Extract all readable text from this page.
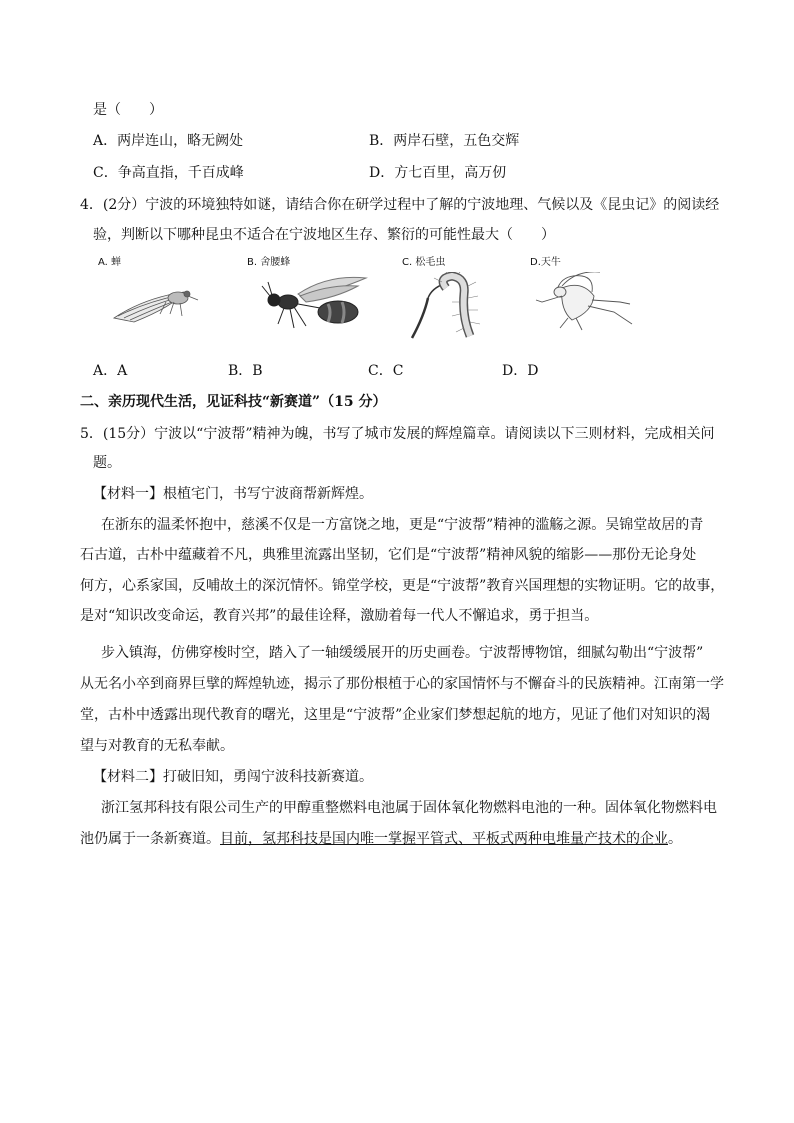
是（　　）
A．两岸连山，略无阙处	B．两岸石壁，五色交辉
C．争高直指，千百成峰	D．方七百里，高万仞
4．(2分）宁波的环境独特如谜，请结合你在研学过程中了解的宁波地理、气候以及《昆虫记》的阅读经
验，判断以下哪种昆虫不适合在宁波地区生存、繁衍的可能性最大（　　）
A. 蝉	B. 舍腰蜂	C. 松毛虫	D.天牛
A．A	B．B	C．C	D．D
二、亲历现代生活，见证科技“新赛道”（15 分）
5．(15分）宁波以“宁波帮”精神为魄，书写了城市发展的辉煌篇章。请阅读以下三则材料，完成相关问
题。
【材料一】根植宅门，书写宁波商帮新辉煌。
在浙东的温柔怀抱中，慈溪不仅是一方富饶之地，更是“宁波帮”精神的滥觞之源。吴锦堂故居的青
石古道，古朴中蕴藏着不凡，典雅里流露出坚韧，它们是“宁波帮”精神风貌的缩影——那份无论身处
何方，心系家国，反哺故土的深沉情怀。锦堂学校，更是“宁波帮”教育兴国理想的实物证明。它的故事，
是对“知识改变命运，教育兴邦”的最佳诠释，激励着每一代人不懈追求，勇于担当。
步入镇海，仿佛穿梭时空，踏入了一轴缓缓展开的历史画卷。宁波帮博物馆，细腻勾勒出“宁波帮”
从无名小卒到商界巨擘的辉煌轨迹，揭示了那份根植于心的家国情怀与不懈奋斗的民族精神。江南第一学
堂，古朴中透露出现代教育的曙光，这里是“宁波帮”企业家们梦想起航的地方，见证了他们对知识的渴
望与对教育的无私奉献。
【材料二】打破旧知，勇闯宁波科技新赛道。
浙江氢邦科技有限公司生产的甲醇重整燃料电池属于固体氧化物燃料电池的一种。固体氧化物燃料电
池仍属于一条新赛道。目前，氢邦科技是国内唯一掌握平管式、平板式两种电堆量产技术的企业。
